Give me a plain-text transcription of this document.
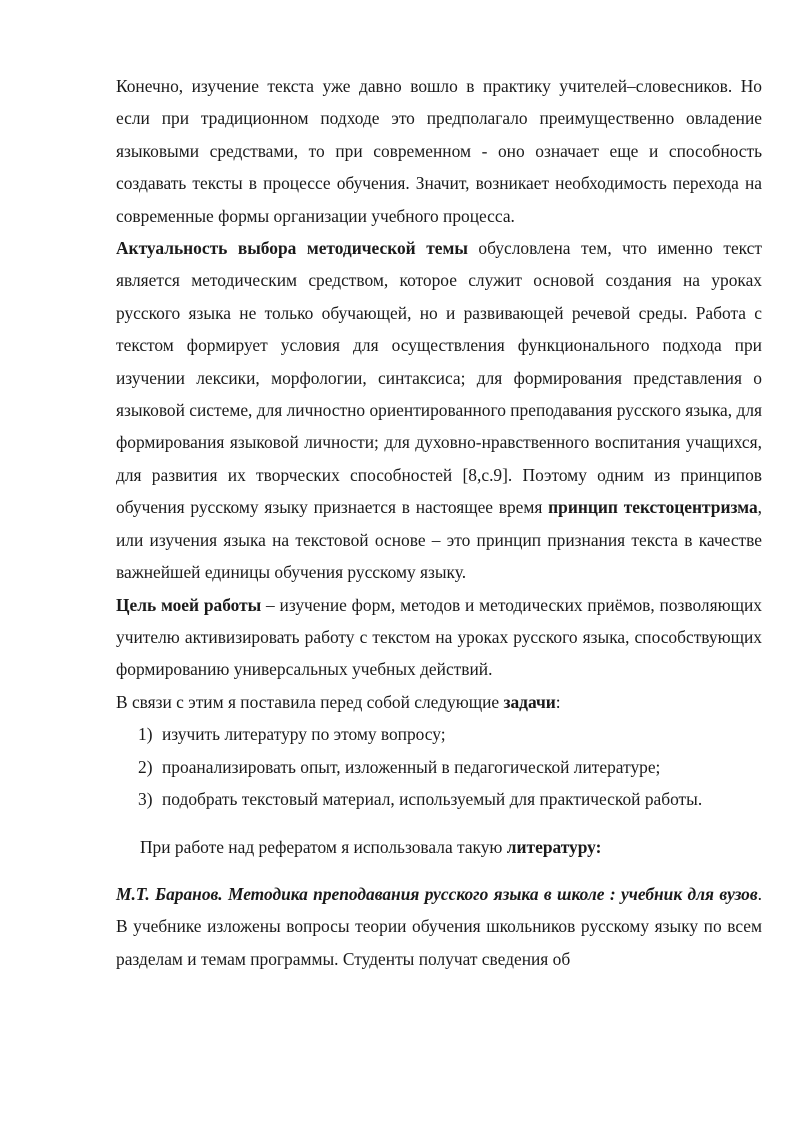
Конечно, изучение текста уже давно вошло в практику учителей–словесников. Но если при традиционном подходе это предполагало преимущественно овладение языковыми средствами, то при современном - оно означает еще и способность создавать тексты в процессе обучения. Значит, возникает необходимость перехода на современные формы организации учебного процесса.

Актуальность выбора методической темы обусловлена тем, что именно текст является методическим средством, которое служит основой создания на уроках русского языка не только обучающей, но и развивающей речевой среды. Работа с текстом формирует условия для осуществления функционального подхода при изучении лексики, морфологии, синтаксиса; для формирования представления о языковой системе, для личностно ориентированного преподавания русского языка, для формирования языковой личности; для духовно-нравственного воспитания учащихся, для развития их творческих способностей [8,с.9]. Поэтому одним из принципов обучения русскому языку признается в настоящее время принцип текстоцентризма, или изучения языка на текстовой основе – это принцип признания текста в качестве важнейшей единицы обучения русскому языку.

Цель моей работы – изучение форм, методов и методических приёмов, позволяющих учителю активизировать работу с текстом на уроках русского языка, способствующих формированию универсальных учебных действий.

В связи с этим я поставила перед собой следующие задачи:

1) изучить литературу по этому вопросу;
2) проанализировать опыт, изложенный в педагогической литературе;
3) подобрать текстовый материал, используемый для практической работы.

При работе над рефератом я использовала такую литературу:

М.Т. Баранов. Методика преподавания русского языка в школе : учебник для вузов. В учебнике изложены вопросы теории обучения школьников русскому языку по всем разделам и темам программы. Студенты получат сведения об
